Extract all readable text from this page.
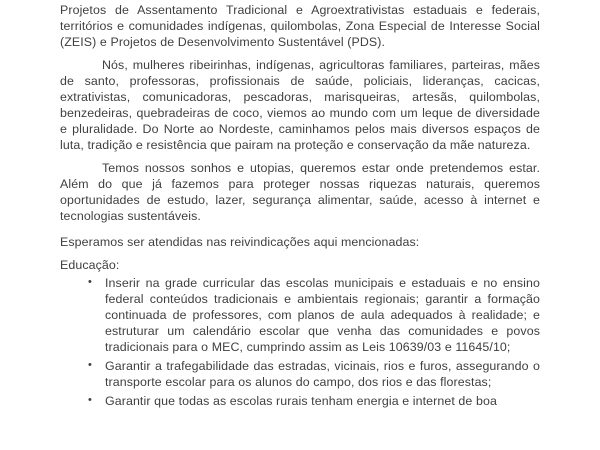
Projetos de Assentamento Tradicional e Agroextrativistas estaduais e federais, territórios e comunidades indígenas, quilombolas, Zona Especial de Interesse Social (ZEIS) e Projetos de Desenvolvimento Sustentável (PDS).

Nós, mulheres ribeirinhas, indígenas, agricultoras familiares, parteiras, mães de santo, professoras, profissionais de saúde, policiais, lideranças, cacicas, extrativistas, comunicadoras, pescadoras, marisqueiras, artesãs, quilombolas, benzedeiras, quebradeiras de coco, viemos ao mundo com um leque de diversidade e pluralidade. Do Norte ao Nordeste, caminhamos pelos mais diversos espaços de luta, tradição e resistência que pairam na proteção e conservação da mãe natureza.

Temos nossos sonhos e utopias, queremos estar onde pretendemos estar. Além do que já fazemos para proteger nossas riquezas naturais, queremos oportunidades de estudo, lazer, segurança alimentar, saúde, acesso à internet e tecnologias sustentáveis.

Esperamos ser atendidas nas reivindicações aqui mencionadas:

Educação:

• Inserir na grade curricular das escolas municipais e estaduais e no ensino federal conteúdos tradicionais e ambientais regionais; garantir a formação continuada de professores, com planos de aula adequados à realidade; e estruturar um calendário escolar que venha das comunidades e povos tradicionais para o MEC, cumprindo assim as Leis 10639/03 e 11645/10;
• Garantir a trafegabilidade das estradas, vicinais, rios e furos, assegurando o transporte escolar para os alunos do campo, dos rios e das florestas;
• Garantir que todas as escolas rurais tenham energia e internet de boa
